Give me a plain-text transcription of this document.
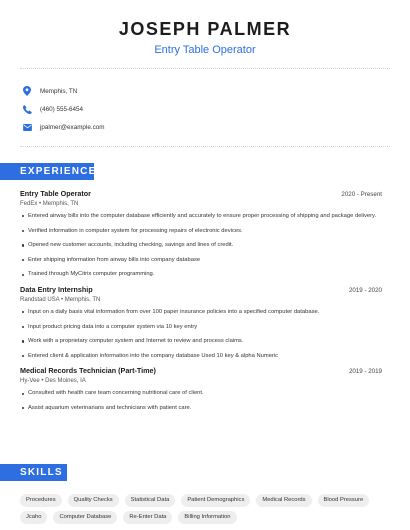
JOSEPH PALMER
Entry Table Operator
Memphis, TN
(460) 555-6454
jpalmer@example.com
EXPERIENCE
Entry Table Operator	2020 - Present
FedEx • Memphis, TN
Entered airway bills into the computer database efficiently and accurately to ensure proper processing of shipping and package delivery.
Verified information in computer system for processing repairs of electronic devices.
Opened new customer accounts, including checking, savings and lines of credit.
Enter shipping information from airway bills into company database
Trained through MyCitrix computer programming.
Data Entry Internship	2019 - 2020
Randstad USA • Memphis, TN
Input on a daily basis vital information from over 100 paper insurance policies into a specified computer database.
Input product pricing data into a computer system via 10 key entry
Work with a proprietary computer system and Internet to review and process claims.
Entered client & application information into the company database Used 10 key & alpha Numeric
Medical Records Technician (Part-Time)	2019 - 2019
Hy-Vee • Des Moines, IA
Consulted with health care team concerning nutritional care of client.
Assist aquarium veterinarians and technicians with patient care.
SKILLS
Procedures	Quality Checks	Statistical Data	Patient Demographics	Medical Records	Blood Pressure
Jcaho	Computer Database	Re-Enter Data	Billing Information
